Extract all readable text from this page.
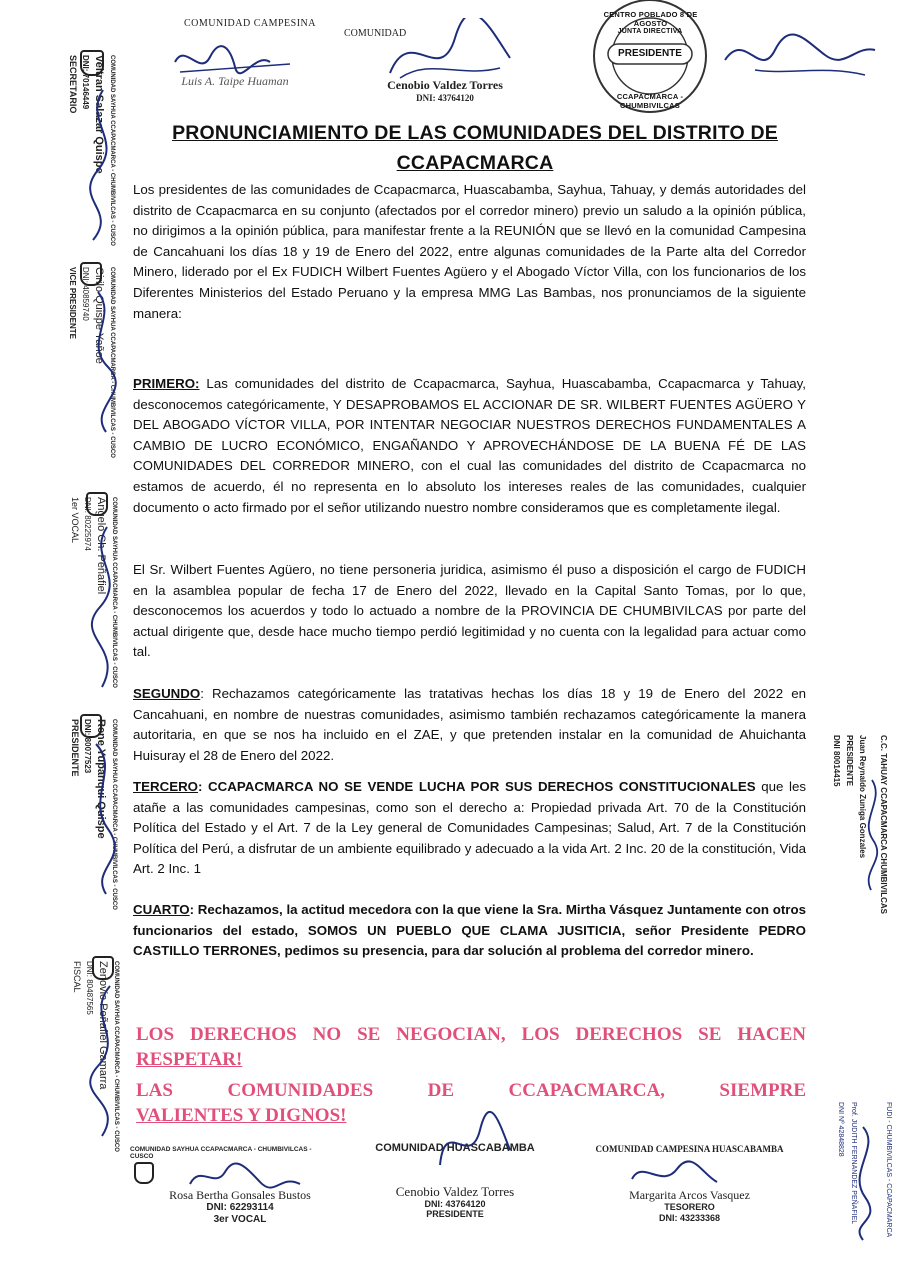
COMUNIDAD CAMPESINA
Luis A. Taipe Huaman
COMUNIDAD
Cenobio Valdez Torres
DNI: 43764120
CENTRO POBLADO 8 DE AGOSTO
JUNTA DIRECTIVA
PRESIDENTE
CCAPACMARCA - CHUMBIVILCAS
PRONUNCIAMIENTO DE LAS COMUNIDADES DEL DISTRITO DE CCAPACMARCA
Los presidentes de las comunidades de Ccapacmarca, Huascabamba, Sayhua, Tahuay, y demás autoridades del distrito de Ccapacmarca en su conjunto (afectados por el corredor minero) previo un saludo a la opinión pública, no dirigimos a la opinión pública, para manifestar frente a la REUNIÓN que se llevó en la comunidad Campesina de Cancahuani los días 18 y 19 de Enero del 2022, entre algunas comunidades de la Parte alta del Corredor Minero, liderado por el Ex FUDICH Wilbert Fuentes Agüero y el Abogado Víctor Villa, con los funcionarios de los Diferentes Ministerios del Estado Peruano y la empresa MMG Las Bambas, nos pronunciamos de la siguiente manera:
PRIMERO: Las comunidades del distrito de Ccapacmarca, Sayhua, Huascabamba, Ccapacmarca y Tahuay, desconocemos categóricamente, Y DESAPROBAMOS EL ACCIONAR DE SR. WILBERT FUENTES AGÜERO Y DEL ABOGADO VÍCTOR VILLA, POR INTENTAR NEGOCIAR NUESTROS DERECHOS FUNDAMENTALES A CAMBIO DE LUCRO ECONÓMICO, ENGAÑANDO Y APROVECHÁNDOSE DE LA BUENA FÉ DE LAS COMUNIDADES DEL CORREDOR MINERO, con el cual las comunidades del distrito de Ccapacmarca no estamos de acuerdo, él no representa en lo absoluto los intereses reales de las comunidades, cualquier documento o acto firmado por el señor utilizando nuestro nombre consideramos que es completamente ilegal.
El Sr. Wilbert Fuentes Agüero, no tiene personeria juridica, asimismo él puso a disposición el cargo de FUDICH en la asamblea popular de fecha 17 de Enero del 2022, llevado en la Capital Santo Tomas, por lo que, desconocemos los acuerdos y todo lo actuado a nombre de la PROVINCIA DE CHUMBIVILCAS por parte del actual dirigente que, desde hace mucho tiempo perdió legitimidad y no cuenta con la legalidad para actuar como tal.
SEGUNDO: Rechazamos categóricamente las tratativas hechas los días 18 y 19 de Enero del 2022 en Cancahuani, en nombre de nuestras comunidades, asimismo también rechazamos categóricamente la manera autoritaria, en que se nos ha incluido en el ZAE, y que pretenden instalar en la comunidad de Ahuichanta Huisuray el 28 de Enero del 2022.
TERCERO: CCAPACMARCA NO SE VENDE LUCHA POR SUS DERECHOS CONSTITUCIONALES que les atañe a las comunidades campesinas, como son el derecho a: Propiedad privada Art. 70 de la Constitución Política del Estado y el Art. 7 de la Ley general de Comunidades Campesinas; Salud, Art. 7 de la Constitución Política del Perú, a disfrutar de un ambiente equilibrado y adecuado a la vida Art. 2 Inc. 20 de la constitución, Vida Art. 2 Inc. 1
CUARTO: Rechazamos, la actitud mecedora con la que viene la Sra. Mirtha Vásquez Juntamente con otros funcionarios del estado, SOMOS UN PUEBLO QUE CLAMA JUSITICIA, señor Presidente PEDRO CASTILLO TERRONES, pedimos su presencia, para dar solución al problema del corredor minero.
LOS DERECHOS NO SE NEGOCIAN, LOS DERECHOS SE HACEN
RESPETAR!
LAS COMUNIDADES DE CCAPACMARCA, SIEMPRE
VALIENTES Y DIGNOS!
COMUNIDAD SAYHUA CCAPACMARCA - CHUMBIVILCAS - CUSCO
Veltran Salazar Quispe
DNI: 70146449
SECRETARIO
COMUNIDAD SAYHUA CCAPACMARCA - CHUMBIVILCAS - CUSCO
Cirilo Quispe Yañoe
DNI: 40859740
VICE PRESIDENTE
COMUNIDAD SAYHUA CCAPACMARCA - CHUMBIVILCAS - CUSCO
Angelo Ch. Peñafiel
DNI: 80225974
1er VOCAL
COMUNIDAD SAYHUA CCAPACMARCA - CHUMBIVILCAS - CUSCO
Rene Yupanqui Quispe
DNI: 80077523
PRESIDENTE
COMUNIDAD SAYHUA CCAPACMARCA - CHUMBIVILCAS - CUSCO
Zenovio Peñafiel Gamarra
DNI: 80487565
FISCAL
C.C. TAHUAY CCAPACMARCA CHUMBIVILCAS
Juan Reynaldo Zuniga Gonzales
PRESIDENTE
DNI 80014415
FUDI - CHUMBIVILCAS - CCAPACMARCA
Prof. JUDITH FERNANDEZ PEÑAFIEL
DNI Nº 42848828
COMUNIDAD SAYHUA CCAPACMARCA - CHUMBIVILCAS - CUSCO
Rosa Bertha Gonsales Bustos
DNI: 62293114
3er VOCAL
COMUNIDAD HUASCABAMBA
Cenobio Valdez Torres
DNI: 43764120
PRESIDENTE
COMUNIDAD CAMPESINA HUASCABAMBA
Margarita Arcos Vasquez
TESORERO
DNI: 43233368
